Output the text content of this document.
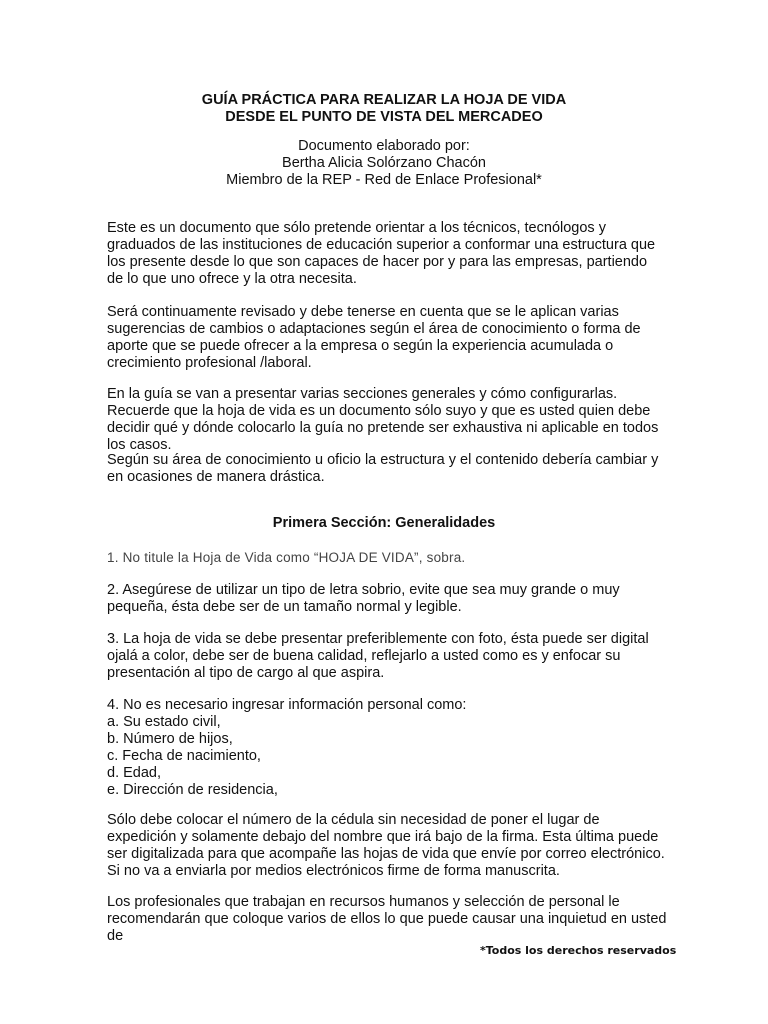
GUÍA PRÁCTICA PARA REALIZAR LA HOJA DE VIDA
DESDE EL PUNTO DE VISTA DEL MERCADEO
Documento elaborado por:
Bertha Alicia Solórzano Chacón
Miembro de la REP - Red de Enlace Profesional*

Este es un documento que sólo pretende orientar a los técnicos, tecnólogos y graduados de las instituciones de educación superior a conformar una estructura que los presente desde lo que son capaces de hacer por y para las empresas, partiendo de lo que uno ofrece y la otra necesita.

Será continuamente revisado y debe tenerse en cuenta que se le aplican varias sugerencias de cambios o adaptaciones según el área de conocimiento o forma de aporte que se puede ofrecer a la empresa o según la experiencia acumulada o crecimiento profesional /laboral.

En la guía se van a presentar varias secciones generales y cómo configurarlas. Recuerde que la hoja de vida es un documento sólo suyo y que es usted quien debe decidir qué y dónde colocarlo la guía no pretende ser exhaustiva ni aplicable en todos los casos.

Según su área de conocimiento u oficio la estructura y el contenido debería cambiar y en ocasiones de manera drástica.

Primera Sección: Generalidades
1. No titule la Hoja de Vida como “HOJA DE VIDA”, sobra.

2. Asegúrese de utilizar un tipo de letra sobrio, evite que sea muy grande o muy pequeña, ésta debe ser de un tamaño normal y legible.

3. La hoja de vida se debe presentar preferiblemente con foto, ésta puede ser digital ojalá a color, debe ser de buena calidad, reflejarlo a usted como es y enfocar su presentación al tipo de cargo al que aspira.

4. No es necesario ingresar información personal como:
a. Su estado civil,
b. Número de hijos,
c. Fecha de nacimiento,
d. Edad,
e. Dirección de residencia,

Sólo debe colocar el número de la cédula sin necesidad de poner el lugar de expedición y solamente debajo del nombre que irá bajo de la firma. Esta última puede ser digitalizada para que acompañe las hojas de vida que envíe por correo electrónico. Si no va a enviarla por medios electrónicos firme de forma manuscrita.

Los profesionales que trabajan en recursos humanos y selección de personal le recomendarán que coloque varios de ellos lo que puede causar una inquietud en usted de

*Todos los derechos reservados
